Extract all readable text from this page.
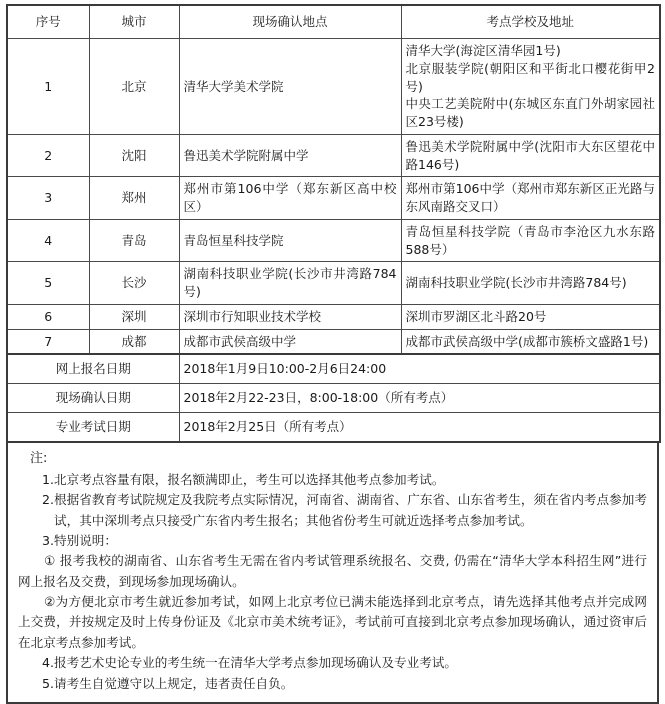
序号	城市	现场确认地点	考点学校及地址
1	北京	清华大学美术学院	清华大学(海淀区清华园1号)
北京服装学院(朝阳区和平街北口樱花街甲2号)
中央工艺美院附中(东城区东直门外胡家园社区23号楼)

2	沈阳	鲁迅美术学院附属中学	鲁迅美术学院附属中学(沈阳市大东区望花中路146号)

3	郑州	郑州市第106中学（郑东新区高中校区）	郑州市第106中学（郑州市郑东新区正光路与东风南路交叉口）

4	青岛	青岛恒星科技学院	青岛恒星科技学院（青岛市李沧区九水东路588号）

5	长沙	湖南科技职业学院(长沙市井湾路784号)	湖南科技职业学院(长沙市井湾路784号)

6	深圳	深圳市行知职业技术学校	深圳市罗湖区北斗路20号

7	成都	成都市武侯高级中学	成都市武侯高级中学(成都市簇桥文盛路1号)

网上报名日期		2018年1月9日10:00-2月6日24:00	
现场确认日期		2018年2月22-23日，8:00-18:00（所有考点）	
专业考试日期		2018年2月25日（所有考点）	
注:
1. 北京考点容量有限，报名额满即止，考生可以选择其他考点参加考试。
2. 根据省教育考试院规定及我院考点实际情况，河南省、湖南省、广东省、山东省考生，须在省内考点参加考试，其中深圳考点只接受广东省内考生报名；其他省份考生可就近选择考点参加考试。
3. 特别说明：
① 报考我校的湖南省、山东省考生无需在省内考试管理系统报名、交费, 仍需在“清华大学本科招生网”进行网上报名及交费，到现场参加现场确认。
②为方便北京市考生就近参加考试，如网上北京考位已满未能选择到北京考点，请先选择其他考点并完成网上交费，并按规定及时上传身份证及《北京市美术统考证》，考试前可直接到北京考点参加现场确认，通过资审后在北京考点参加考试。
4. 报考艺术史论专业的考生统一在清华大学考点参加现场确认及专业考试。
5. 请考生自觉遵守以上规定，违者责任自负。
